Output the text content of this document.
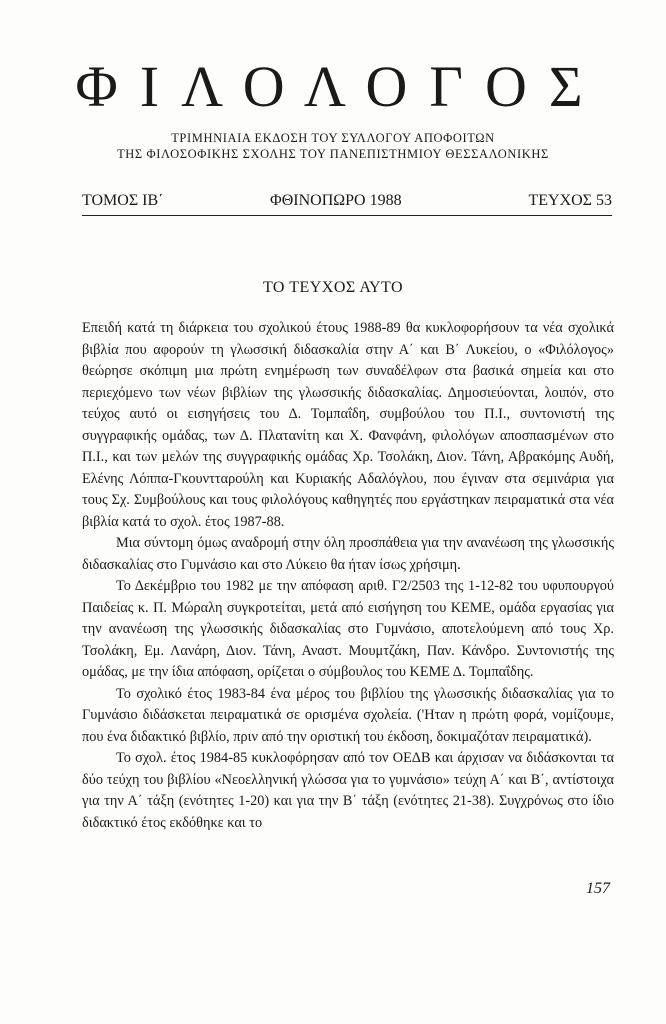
ΦΙΛΟΛΟΓΟΣ
ΤΡΙΜΗΝΙΑΙΑ ΕΚΔΟΣΗ ΤΟΥ ΣΥΛΛΟΓΟΥ ΑΠΟΦΟΙΤΩΝ
ΤΗΣ ΦΙΛΟΣΟΦΙΚΗΣ ΣΧΟΛΗΣ ΤΟΥ ΠΑΝΕΠΙΣΤΗΜΙΟΥ ΘΕΣΣΑΛΟΝΙΚΗΣ
ΤΟΜΟΣ ΙΒ΄	ΦΘΙΝΟΠΩΡΟ 1988	ΤΕΥΧΟΣ 53
ΤΟ ΤΕΥΧΟΣ ΑΥΤΟ

Επειδή κατά τη διάρκεια του σχολικού έτους 1988-89 θα κυκλοφορήσουν τα νέα σχολικά βιβλία που αφορούν τη γλωσσική διδασκαλία στην Α΄ και Β΄ Λυκείου, ο «Φιλόλογος» θεώρησε σκόπιμη μια πρώτη ενημέρωση των συναδέλφων στα βασικά σημεία και στο περιεχόμενο των νέων βιβλίων της γλωσσικής διδασκαλίας. Δημοσιεύονται, λοιπόν, στο τεύχος αυτό οι εισηγήσεις του Δ. Τομπαΐδη, συμβούλου του Π.Ι., συντονιστή της συγγραφικής ομάδας, των Δ. Πλατανίτη και Χ. Φανφάνη, φιλολόγων αποσπασμένων στο Π.Ι., και των μελών της συγγραφικής ομάδας Χρ. Τσολάκη, Διον. Τάνη, Αβρακόμης Αυδή, Ελένης Λόππα-Γκουντταρούλη και Κυριακής Αδαλόγλου, που έγιναν στα σεμινάρια για τους Σχ. Συμβούλους και τους φιλολόγους καθηγητές που εργάστηκαν πειραματικά στα νέα βιβλία κατά το σχολ. έτος 1987-88.

Μια σύντομη όμως αναδρομή στην όλη προσπάθεια για την ανανέωση της γλωσσικής διδασκαλίας στο Γυμνάσιο και στο Λύκειο θα ήταν ίσως χρήσιμη.

Το Δεκέμβριο του 1982 με την απόφαση αριθ. Γ2/2503 της 1-12-82 του υφυπουργού Παιδείας κ. Π. Μώραλη συγκροτείται, μετά από εισήγηση του ΚΕΜΕ, ομάδα εργασίας για την ανανέωση της γλωσσικής διδασκαλίας στο Γυμνάσιο, αποτελούμενη από τους Χρ. Τσολάκη, Εμ. Λανάρη, Διον. Τάνη, Αναστ. Μουμτζάκη, Παν. Κάνδρο. Συντονιστής της ομάδας, με την ίδια απόφαση, ορίζεται ο σύμβουλος του ΚΕΜΕ Δ. Τομπαΐδης.

Το σχολικό έτος 1983-84 ένα μέρος του βιβλίου της γλωσσικής διδασκαλίας για το Γυμνάσιο διδάσκεται πειραματικά σε ορισμένα σχολεία. ('Ηταν η πρώτη φορά, νομίζουμε, που ένα διδακτικό βιβλίο, πριν από την οριστική του έκδοση, δοκιμαζόταν πειραματικά).

Το σχολ. έτος 1984-85 κυκλοφόρησαν από τον ΟΕΔΒ και άρχισαν να διδάσκονται τα δύο τεύχη του βιβλίου «Νεοελληνική γλώσσα για το γυμνάσιο» τεύχη Α΄ και Β΄, αντίστοιχα για την Α΄ τάξη (ενότητες 1-20) και για την Β΄ τάξη (ενότητες 21-38). Συγχρόνως στο ίδιο διδακτικό έτος εκδόθηκε και το

157
